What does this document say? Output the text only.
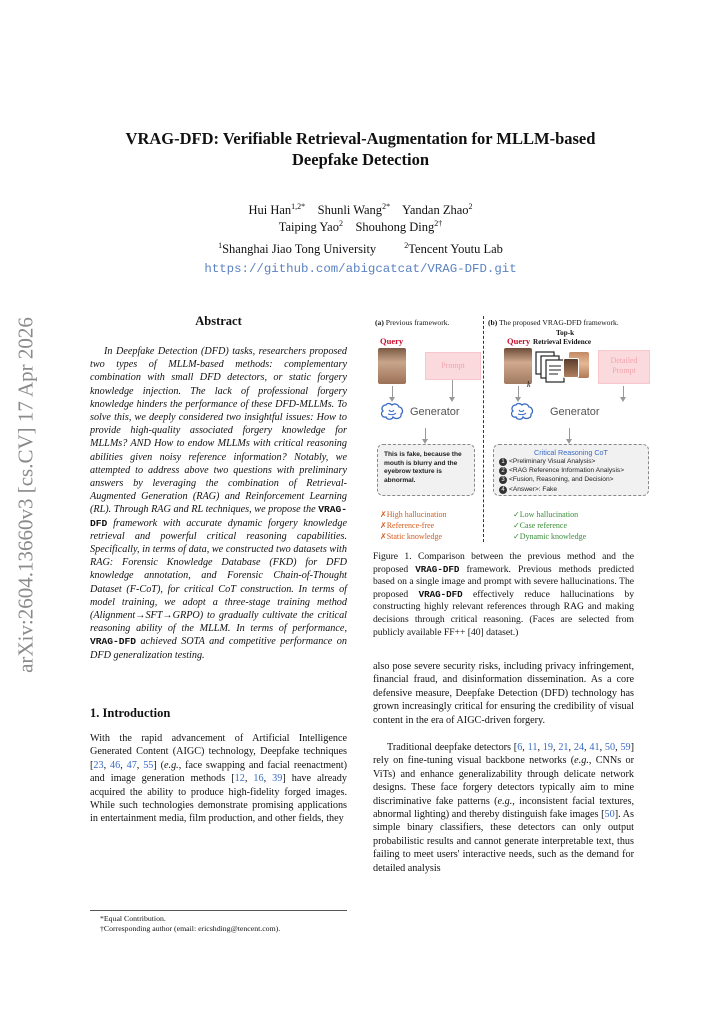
arXiv:2604.13660v3 [cs.CV] 17 Apr 2026
VRAG-DFD: Verifiable Retrieval-Augmentation for MLLM-based
Deepfake Detection
Hui Han$^{1,2*}$ Shunli Wang$^{2*}$ Yandan Zhao$^2$
Taiping Yao$^2$ Shouhong Ding$^{2\dagger}$
$^1$Shanghai Jiao Tong University	$^2$Tencent Youtu Lab
https://github.com/abigcatcat/VRAG-DFD.git
Abstract
In Deepfake Detection (DFD) tasks, researchers proposed two types of MLLM-based methods: complementary combination with small DFD detectors, or static forgery knowledge injection. The lack of professional forgery knowledge hinders the performance of these DFD-MLLMs. To solve this, we deeply considered two insightful issues: How to provide high-quality associated forgery knowledge for MLLMs? AND How to endow MLLMs with critical reasoning abilities given noisy reference information? Notably, we attempted to address above two questions with preliminary answers by leveraging the combination of Retrieval-Augmented Generation (RAG) and Reinforcement Learning (RL). Through RAG and RL techniques, we propose the VRAG-DFD framework with accurate dynamic forgery knowledge retrieval and powerful critical reasoning capabilities. Specifically, in terms of data, we constructed two datasets with RAG: Forensic Knowledge Database (FKD) for DFD knowledge annotation, and Forensic Chain-of-Thought Dataset (F-CoT), for critical CoT construction. In terms of model training, we adopt a three-stage training method (Alignment→SFT→GRPO) to gradually cultivate the critical reasoning ability of the MLLM. In terms of performance, VRAG-DFD achieved SOTA and competitive performance on DFD generalization testing.
1. Introduction
With the rapid advancement of Artificial Intelligence Generated Content (AIGC) technology, Deepfake techniques [23, 46, 47, 55] (e.g., face swapping and facial reenactment) and image generation methods [12, 16, 39] have already acquired the ability to produce high-fidelity forged images. While such technologies demonstrate promising applications in entertainment media, film production, and other fields, they
*Equal Contribution.
†Corresponding author (email: ericshding@tencent.com).
(a) Previous framework.
Query
Prompt
Generator
This is fake, because the mouth is blurry and the eyebrow texture is abnormal.
✗High hallucination
✗Reference-free
✗Static knowledge
(b) The proposed VRAG-DFD framework.
Query
Top-k
Retrieval Evidence
Detailed Prompt
k
Generator
Critical Reasoning CoT
1 <Preliminary Visual Analysis>
2 <RAG Reference Information Analysis>
3 <Fusion, Reasoning, and Decision>
4 <Answer>: Fake
✓Low hallucination
✓Case reference
✓Dynamic knowledge
Figure 1. Comparison between the previous method and the proposed VRAG-DFD framework. Previous methods predicted based on a single image and prompt with severe hallucinations. The proposed VRAG-DFD effectively reduce hallucinations by constructing highly relevant references through RAG and making decisions through critical reasoning. (Faces are selected from publicly available FF++ [40] dataset.)
also pose severe security risks, including privacy infringement, financial fraud, and disinformation dissemination. As a core defensive measure, Deepfake Detection (DFD) technology has grown increasingly critical for ensuring the credibility of visual content in the era of AIGC-driven forgery.
Traditional deepfake detectors [6, 11, 19, 21, 24, 41, 50, 59] rely on fine-tuning visual backbone networks (e.g., CNNs or ViTs) and enhance generalizability through delicate network designs. These face forgery detectors typically aim to mine discriminative fake patterns (e.g., inconsistent facial textures, abnormal lighting) and thereby distinguish fake images [50]. As simple binary classifiers, these detectors can only output probabilistic results and cannot generate interpretable text, thus failing to meet users' interactive needs, such as the demand for detailed analysis
